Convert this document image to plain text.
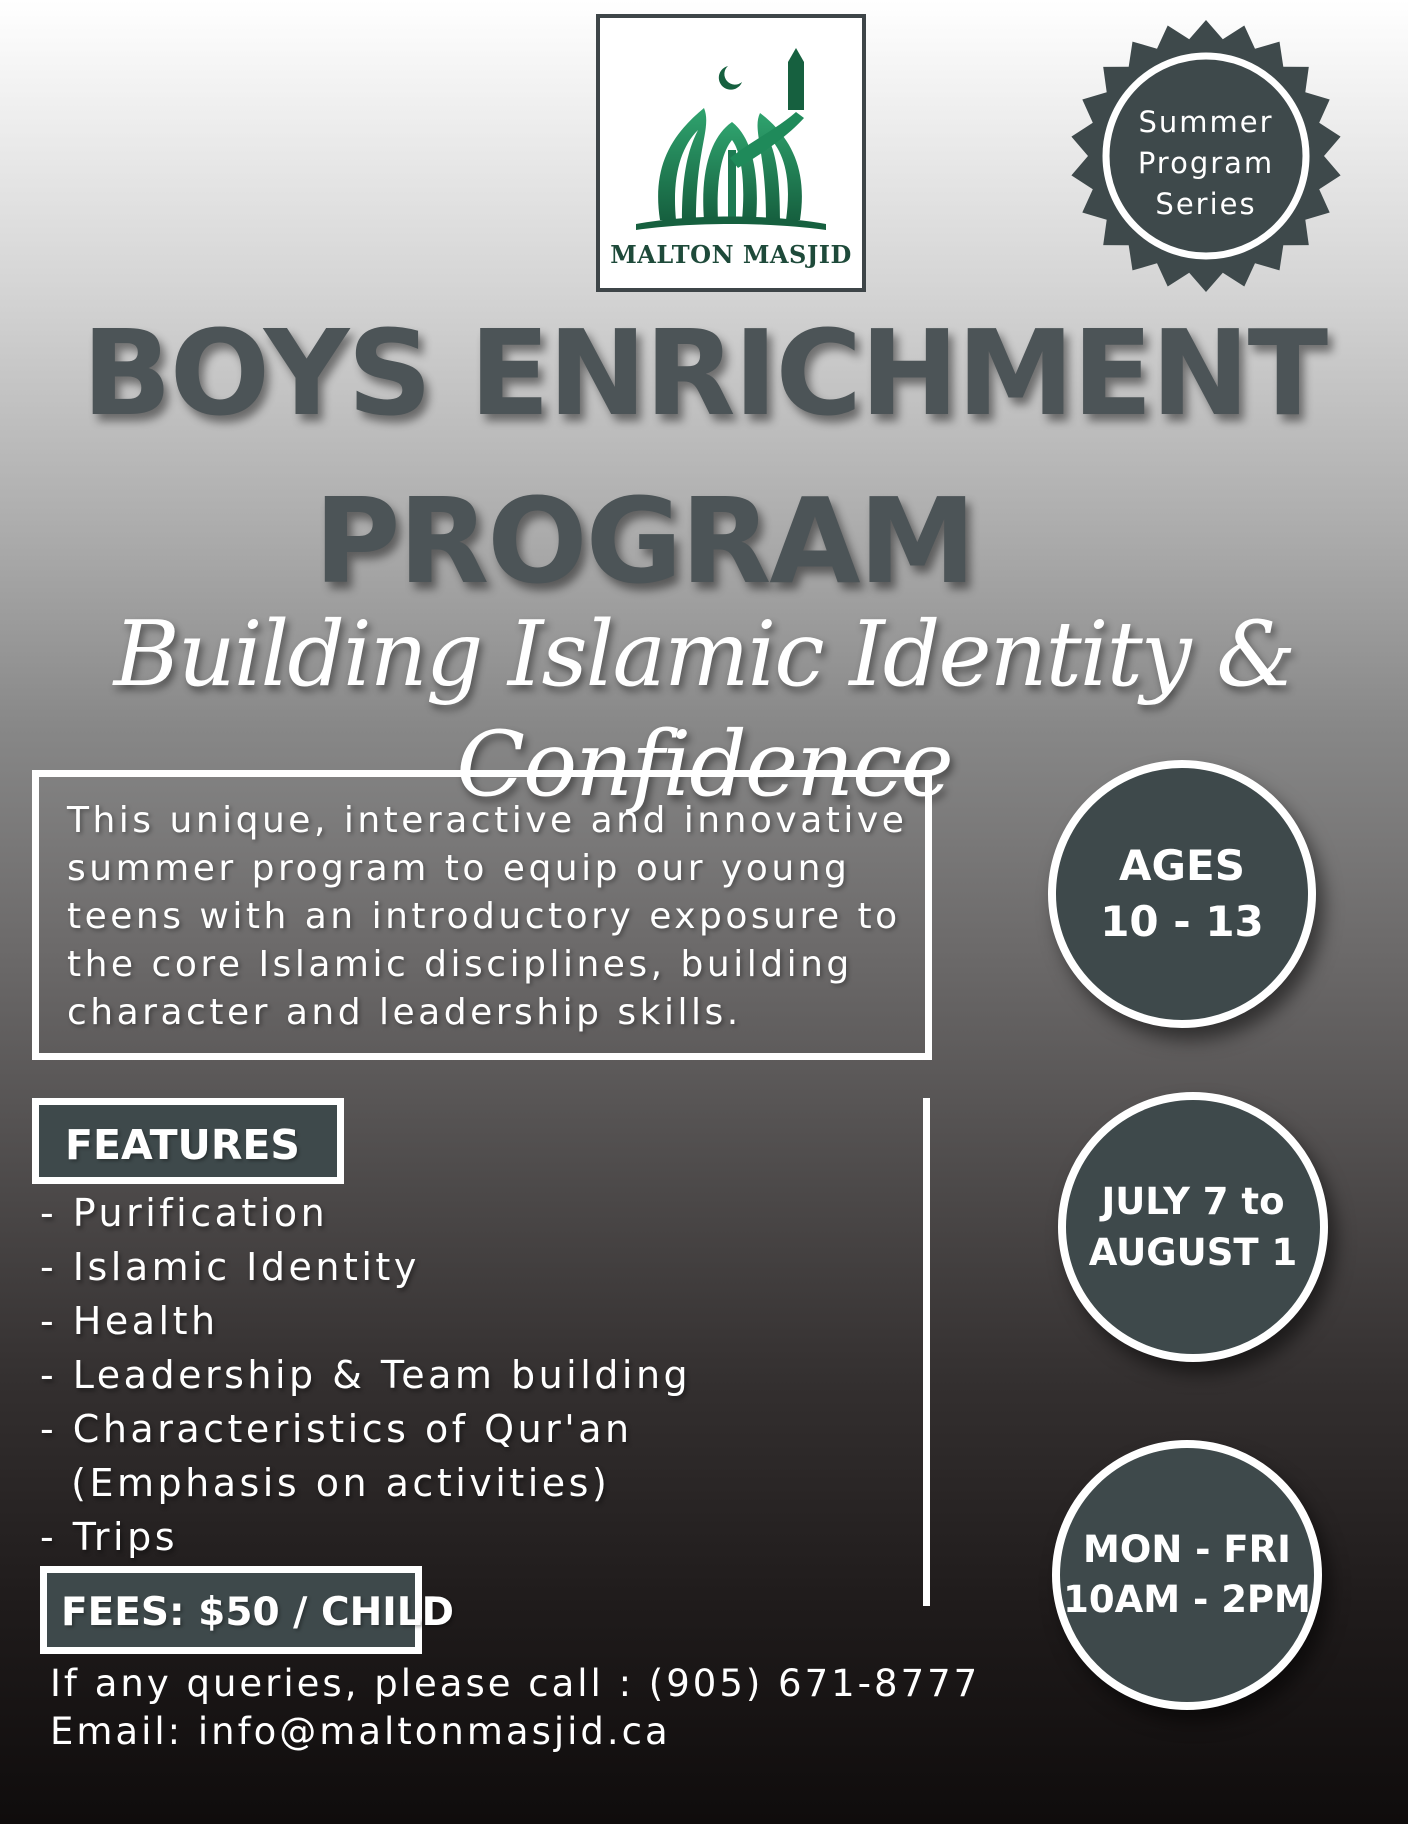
MALTON MASJID
Summer
Program
Series
BOYS ENRICHMENT
PROGRAM
Building Islamic Identity & Confidence

This unique, interactive and innovative summer program to equip our young teens with an introductory exposure to the core Islamic disciplines, building character and leadership skills.

AGES
10 - 13
JULY 7 to
AUGUST 1
MON - FRI
10AM - 2PM

FEATURES

- Purification
- Islamic Identity
- Health
- Leadership & Team building
- Characteristics of Qur'an
(Emphasis on activities)
- Trips

FEES: $50 / CHILD

If any queries, please call : (905) 671-8777
Email: info@maltonmasjid.ca
